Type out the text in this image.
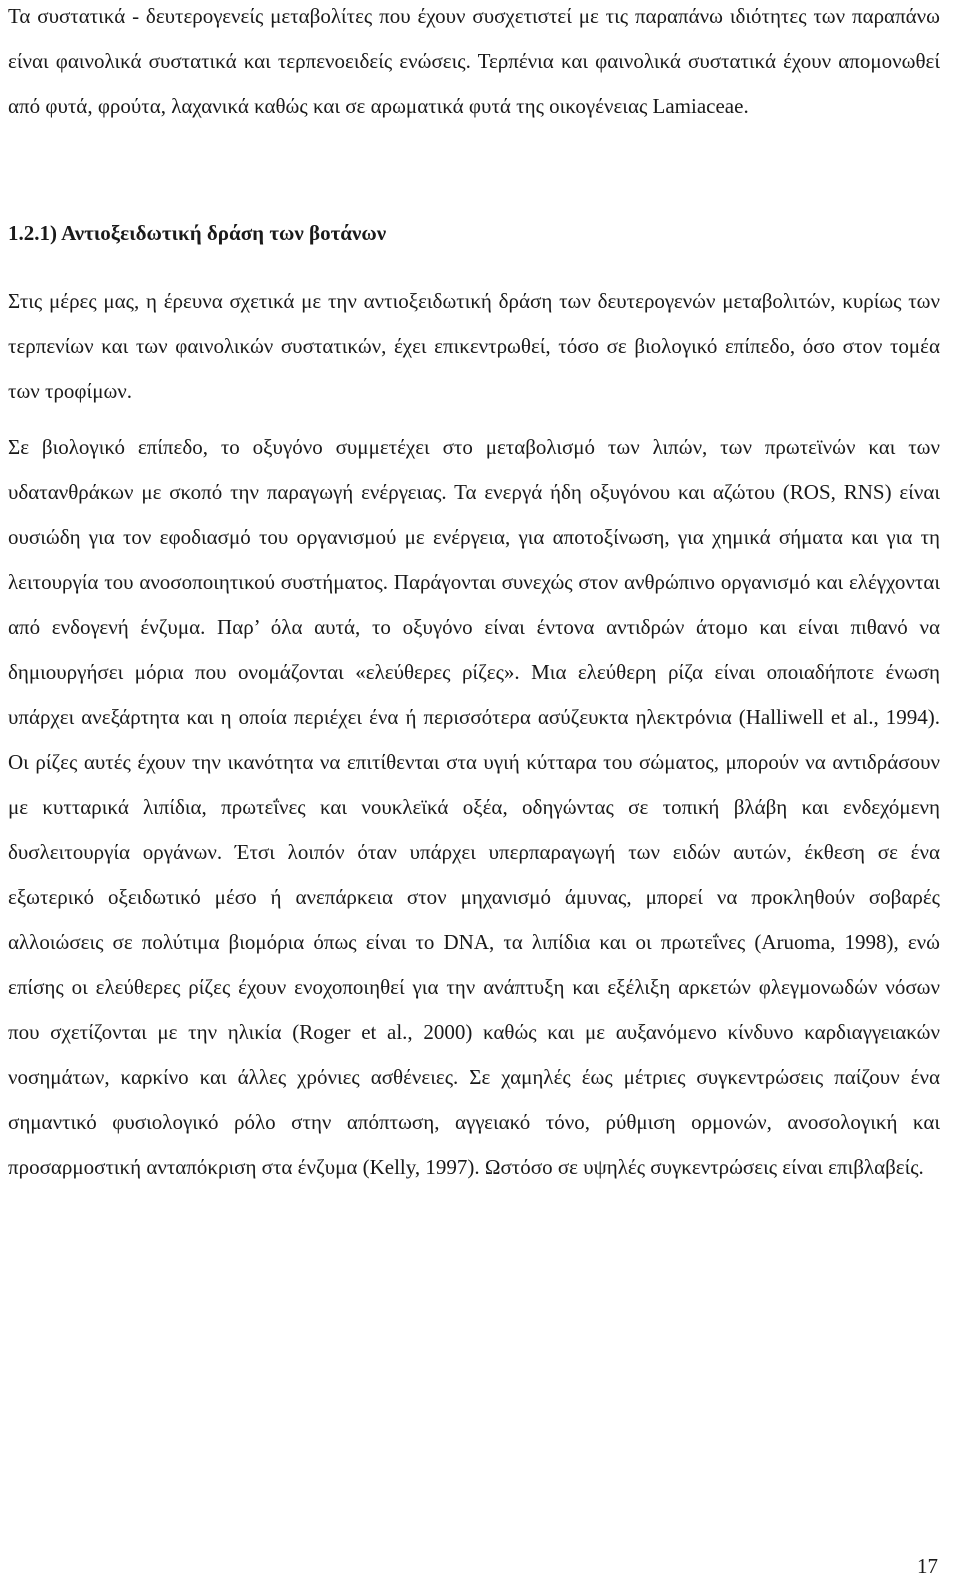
Τα συστατικά - δευτερογενείς μεταβολίτες που έχουν συσχετιστεί με τις παραπάνω ιδιότητες των παραπάνω είναι φαινολικά συστατικά και τερπενοειδείς ενώσεις. Τερπένια και φαινολικά συστατικά έχουν απομονωθεί από φυτά, φρούτα, λαχανικά καθώς και σε αρωματικά φυτά της οικογένειας Lamiaceae.

1.2.1) Αντιοξειδωτική δράση των βοτάνων

Στις μέρες μας, η έρευνα σχετικά με την αντιοξειδωτική δράση των δευτερογενών μεταβολιτών, κυρίως των τερπενίων και των φαινολικών συστατικών, έχει επικεντρωθεί, τόσο σε βιολογικό επίπεδο, όσο στον τομέα των τροφίμων.

Σε βιολογικό επίπεδο, το οξυγόνο συμμετέχει στο μεταβολισμό των λιπών, των πρωτεϊνών και των υδατανθράκων με σκοπό την παραγωγή ενέργειας. Τα ενεργά ήδη οξυγόνου και αζώτου (ROS, RNS) είναι ουσιώδη για τον εφοδιασμό του οργανισμού με ενέργεια, για αποτοξίνωση, για χημικά σήματα και για τη λειτουργία του ανοσοποιητικού συστήματος. Παράγονται συνεχώς στον ανθρώπινο οργανισμό και ελέγχονται από ενδογενή ένζυμα. Παρ’ όλα αυτά, το οξυγόνο είναι έντονα αντιδρών άτομο και είναι πιθανό να δημιουργήσει μόρια που ονομάζονται «ελεύθερες ρίζες». Μια ελεύθερη ρίζα είναι οποιαδήποτε ένωση υπάρχει ανεξάρτητα και η οποία περιέχει ένα ή περισσότερα ασύζευκτα ηλεκτρόνια (Halliwell et al., 1994). Οι ρίζες αυτές έχουν την ικανότητα να επιτίθενται στα υγιή κύτταρα του σώματος, μπορούν να αντιδράσουν με κυτταρικά λιπίδια, πρωτεΐνες και νουκλεϊκά οξέα, οδηγώντας σε τοπική βλάβη και ενδεχόμενη δυσλειτουργία οργάνων. Έτσι λοιπόν όταν υπάρχει υπερπαραγωγή των ειδών αυτών, έκθεση σε ένα εξωτερικό οξειδωτικό μέσο ή ανεπάρκεια στον μηχανισμό άμυνας, μπορεί να προκληθούν σοβαρές αλλοιώσεις σε πολύτιμα βιομόρια όπως είναι το DNA, τα λιπίδια και οι πρωτεΐνες (Aruoma, 1998), ενώ επίσης οι ελεύθερες ρίζες έχουν ενοχοποιηθεί για την ανάπτυξη και εξέλιξη αρκετών φλεγμονωδών νόσων που σχετίζονται με την ηλικία (Roger et al., 2000) καθώς και με αυξανόμενο κίνδυνο καρδιαγγειακών νοσημάτων, καρκίνο και άλλες χρόνιες ασθένειες. Σε χαμηλές έως μέτριες συγκεντρώσεις παίζουν ένα σημαντικό φυσιολογικό ρόλο στην απόπτωση, αγγειακό τόνο, ρύθμιση ορμονών, ανοσολογική και προσαρμοστική ανταπόκριση στα ένζυμα (Kelly, 1997). Ωστόσο σε υψηλές συγκεντρώσεις είναι επιβλαβείς.

17
